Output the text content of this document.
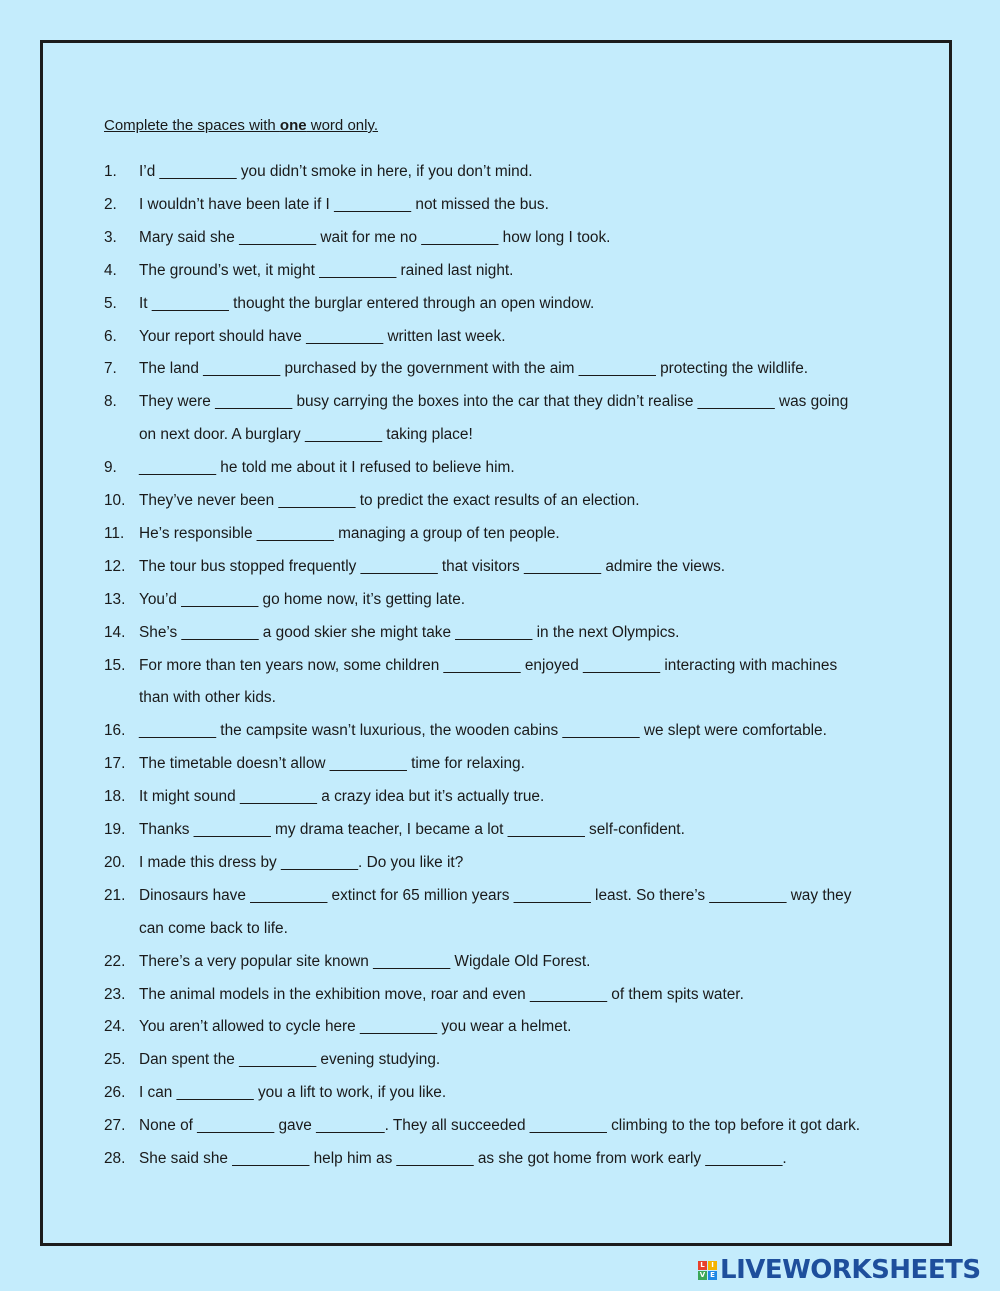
Complete the spaces with one word only.
1.	I’d _________ you didn’t smoke in here, if you don’t mind.
2.	I wouldn’t have been late if I _________ not missed the bus.
3.	Mary said she _________ wait for me no _________ how long I took.
4.	The ground’s wet, it might _________ rained last night.
5.	It _________ thought the burglar entered through an open window.
6.	Your report should have _________ written last week.
7.	The land _________ purchased by the government with the aim _________ protecting the wildlife.
8.	They were _________ busy carrying the boxes into the car that they didn’t realise _________ was going
on next door. A burglary _________ taking place!
9.	_________ he told me about it I refused to believe him.
10. They’ve never been _________ to predict the exact results of an election.
11. He’s responsible _________ managing a group of ten people.
12. The tour bus stopped frequently _________ that visitors _________ admire the views.
13. You’d _________ go home now, it’s getting late.
14. She’s _________ a good skier she might take _________ in the next Olympics.
15. For more than ten years now, some children _________ enjoyed _________ interacting with machines
than with other kids.
16. _________ the campsite wasn’t luxurious, the wooden cabins _________ we slept were comfortable.
17. The timetable doesn’t allow _________ time for relaxing.
18. It might sound _________ a crazy idea but it’s actually true.
19. Thanks _________ my drama teacher, I became a lot _________ self-confident.
20. I made this dress by _________. Do you like it?
21. Dinosaurs have _________ extinct for 65 million years _________ least. So there’s _________ way they
can come back to life.
22. There’s a very popular site known _________ Wigdale Old Forest.
23. The animal models in the exhibition move, roar and even _________ of them spits water.
24. You aren’t allowed to cycle here _________ you wear a helmet.
25. Dan spent the _________ evening studying.
26. I can _________ you a lift to work, if you like.
27. None of _________ gave ________. They all succeeded _________ climbing to the top before it got dark.
28. She said she _________ help him as _________ as she got home from work early _________.
L I
V E LIVEWORKSHEETS
